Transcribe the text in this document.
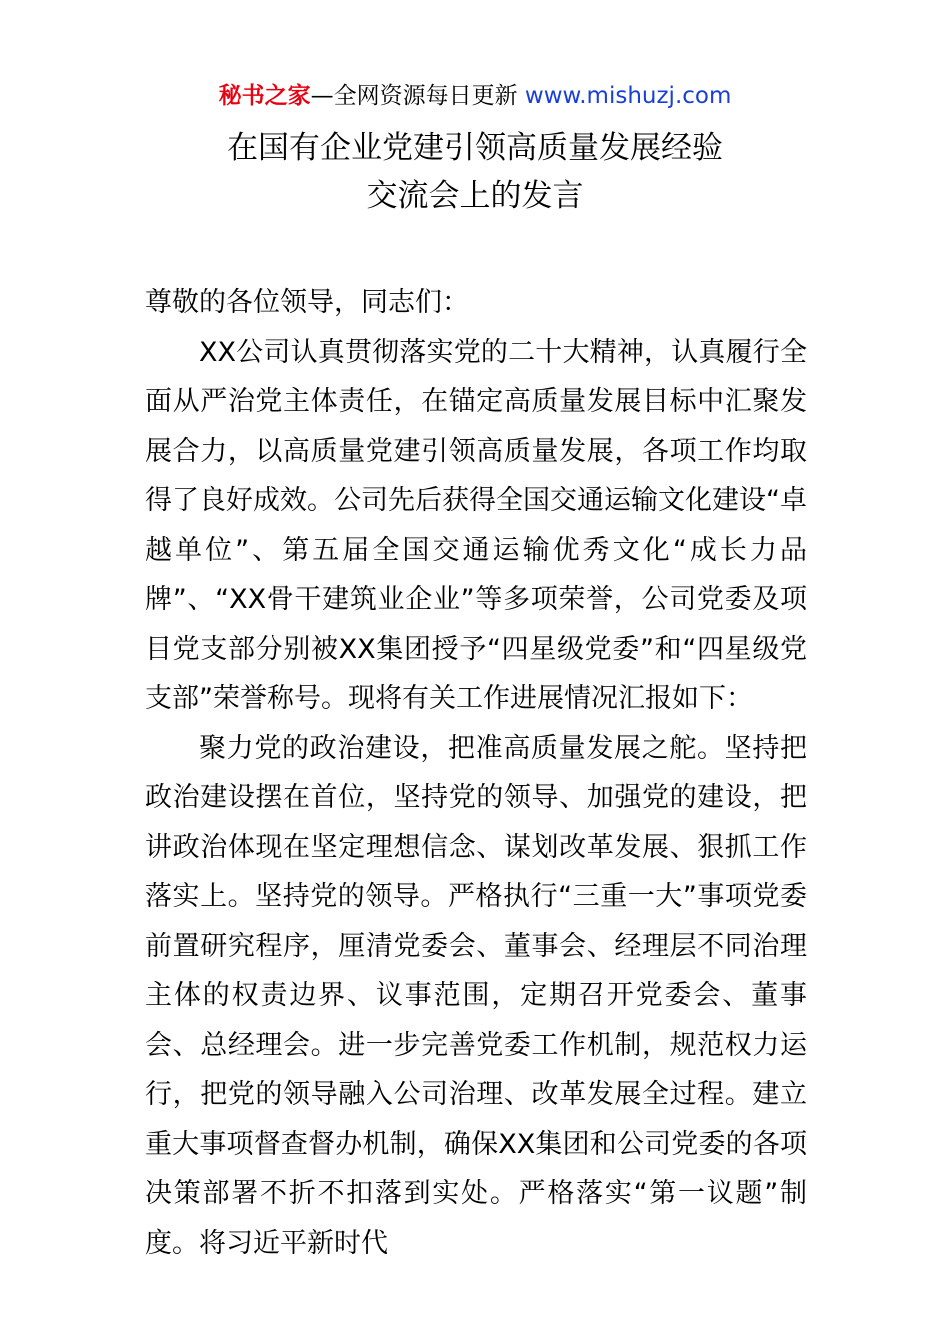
秘书之家—全网资源每日更新 www.mishuzj.com
在国有企业党建引领高质量发展经验
交流会上的发言

尊敬的各位领导，同志们：

XX公司认真贯彻落实党的二十大精神，认真履行全面从严治党主体责任，在锚定高质量发展目标中汇聚发展合力，以高质量党建引领高质量发展，各项工作均取得了良好成效。公司先后获得全国交通运输文化建设“卓越单位”、第五届全国交通运输优秀文化“成长力品牌”、“XX骨干建筑业企业”等多项荣誉，公司党委及项目党支部分别被XX集团授予“四星级党委”和“四星级党支部”荣誉称号。现将有关工作进展情况汇报如下：

聚力党的政治建设，把准高质量发展之舵。坚持把政治建设摆在首位，坚持党的领导、加强党的建设，把讲政治体现在坚定理想信念、谋划改革发展、狠抓工作落实上。坚持党的领导。严格执行“三重一大”事项党委前置研究程序，厘清党委会、董事会、经理层不同治理主体的权责边界、议事范围，定期召开党委会、董事会、总经理会。进一步完善党委工作机制，规范权力运行，把党的领导融入公司治理、改革发展全过程。建立重大事项督查督办机制，确保XX集团和公司党委的各项决策部署不折不扣落到实处。严格落实“第一议题”制度。将习近平新时代
